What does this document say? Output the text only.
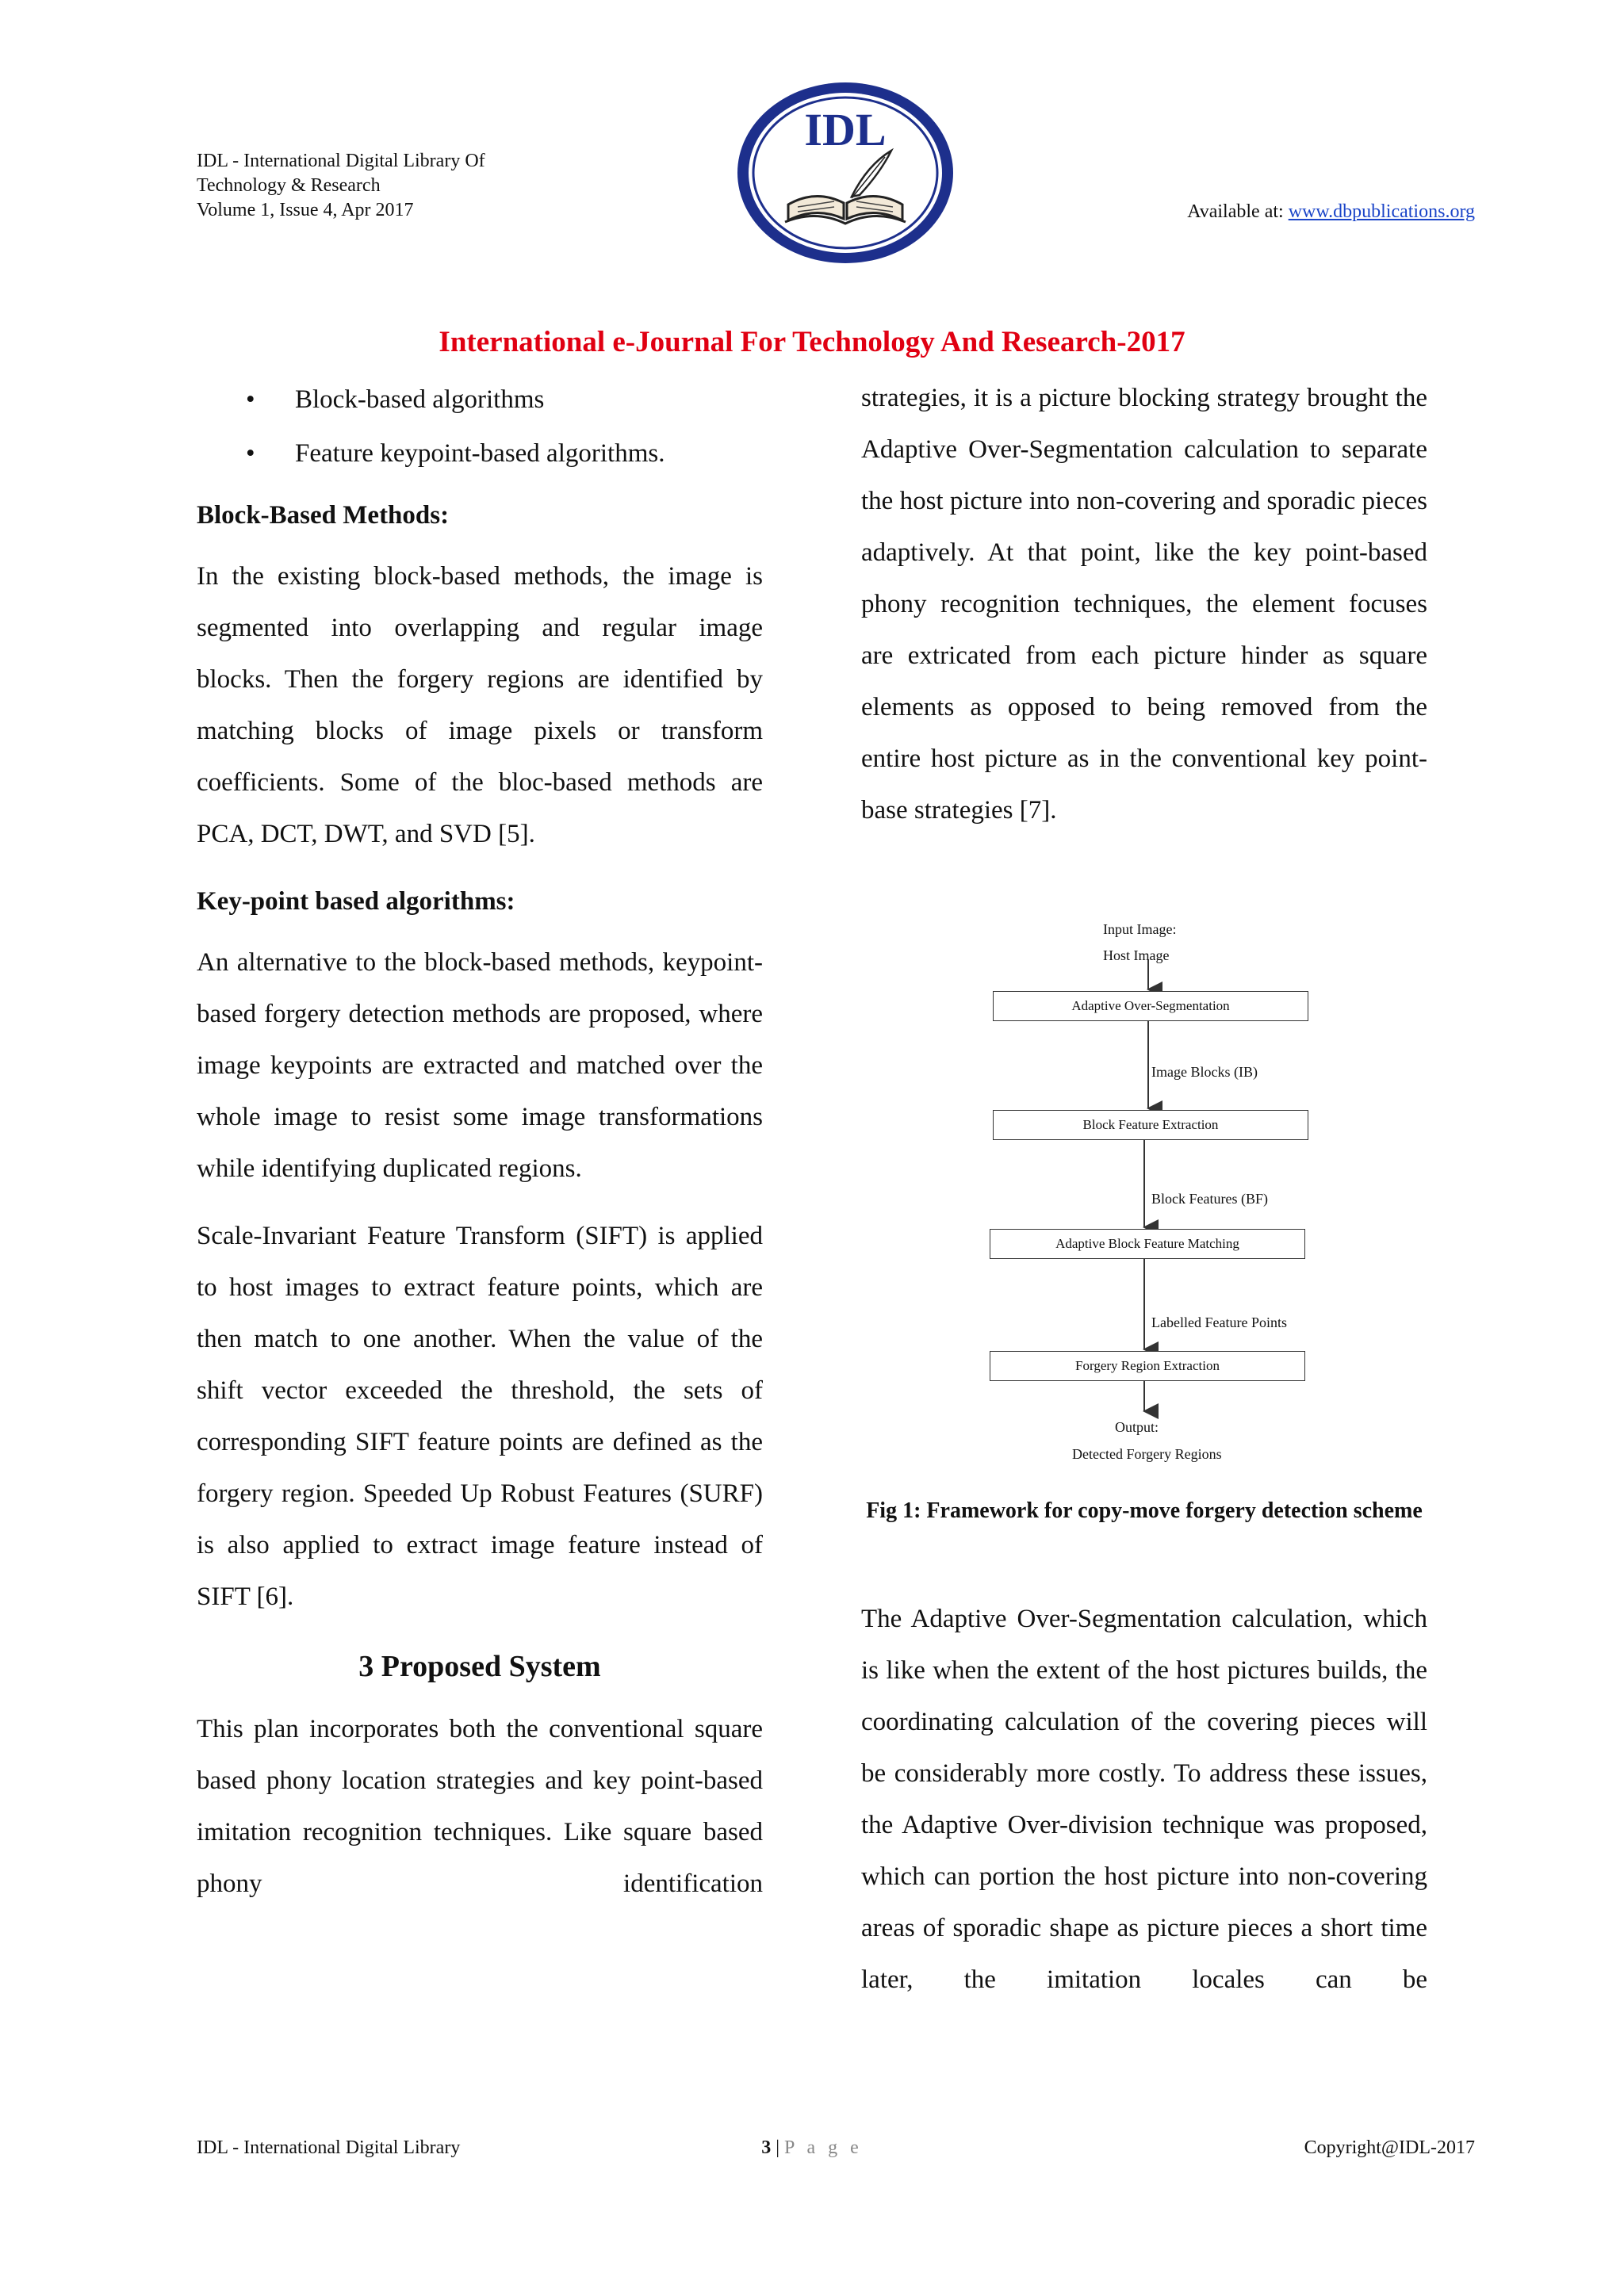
IDL - International Digital Library Of
Technology & Research
Volume 1, Issue 4, Apr 2017
IDL
Available at: www.dbpublications.org
International e-Journal For Technology And Research-2017
• Block-based algorithms
• Feature keypoint-based algorithms.
Block-Based Methods:

In the existing block-based methods, the image is segmented into overlapping and regular image blocks. Then the forgery regions are identified by matching blocks of image pixels or transform coefficients. Some of the bloc-based methods are PCA, DCT, DWT, and SVD [5].

Key-point based algorithms:

An alternative to the block-based methods, keypoint-based forgery detection methods are proposed, where image keypoints are extracted and matched over the whole image to resist some image transformations while identifying duplicated regions.

Scale-Invariant Feature Transform (SIFT) is applied to host images to extract feature points, which are then match to one another. When the value of the shift vector exceeded the threshold, the sets of corresponding SIFT feature points are defined as the forgery region. Speeded Up Robust Features (SURF) is also applied to extract image feature instead of SIFT [6].

3 Proposed System

This plan incorporates both the conventional square based phony location strategies and key point-based imitation recognition techniques. Like square based phony identification

strategies, it is a picture blocking strategy brought the Adaptive Over-Segmentation calculation to separate the host picture into non-covering and sporadic pieces adaptively. At that point, like the key point-based phony recognition techniques, the element focuses are extricated from each picture hinder as square elements as opposed to being removed from the entire host picture as in the conventional key point-base strategies [7].

Input Image:
Host Image
Adaptive Over-Segmentation
Image Blocks (IB)
Block Feature Extraction
Block Features (BF)
Adaptive Block Feature Matching
Labelled Feature Points
Forgery Region Extraction
Output:
Detected Forgery Regions
Fig 1: Framework for copy-move forgery detection scheme

The Adaptive Over-Segmentation calculation, which is like when the extent of the host pictures builds, the coordinating calculation of the covering pieces will be considerably more costly. To address these issues, the Adaptive Over-division technique was proposed, which can portion the host picture into non-covering areas of sporadic shape as picture pieces a short time later, the imitation locales can be

IDL - International Digital Library	3 | P a g e	Copyright@IDL-2017
